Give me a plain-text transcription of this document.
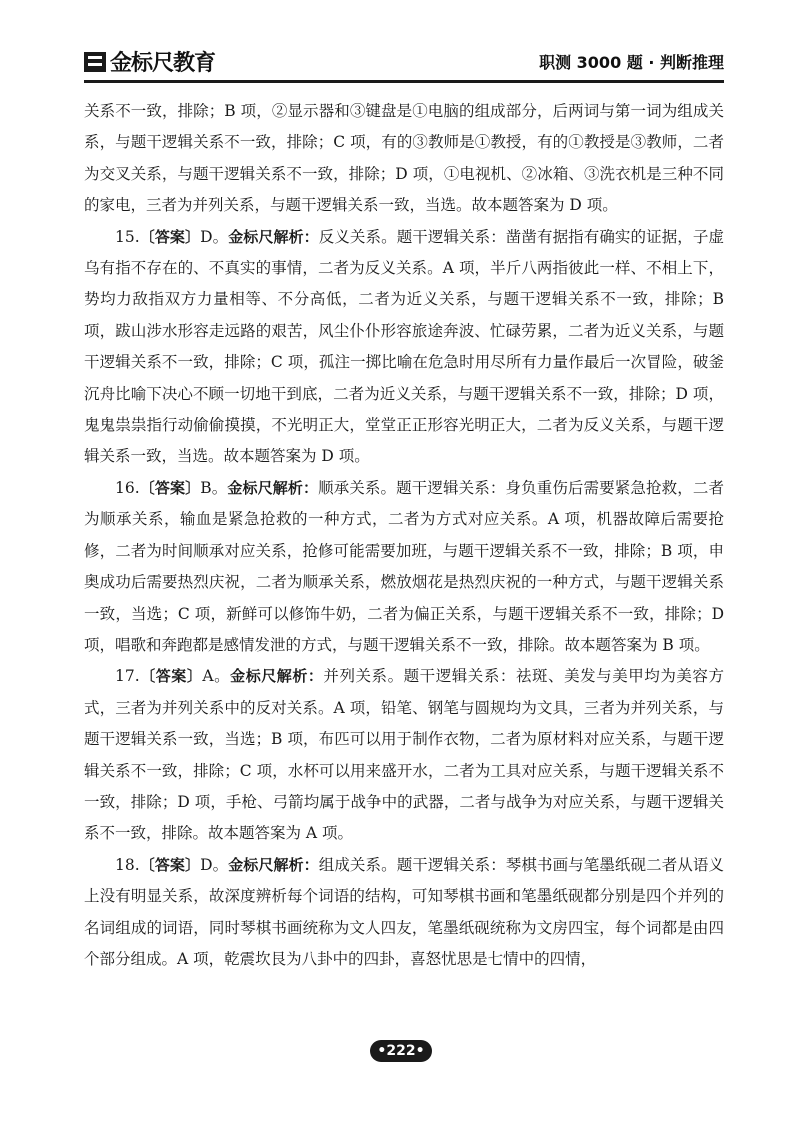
金标尺教育	职测 3000 题 · 判断推理

关系不一致，排除；B 项，②显示器和③键盘是①电脑的组成部分，后两词与第一词为组成关系，与题干逻辑关系不一致，排除；C 项，有的③教师是①教授，有的①教授是③教师，二者为交叉关系，与题干逻辑关系不一致，排除；D 项，①电视机、②冰箱、③洗衣机是三种不同的家电，三者为并列关系，与题干逻辑关系一致，当选。故本题答案为 D 项。

15.〔答案〕D。金标尺解析：反义关系。题干逻辑关系：凿凿有据指有确实的证据，子虚乌有指不存在的、不真实的事情，二者为反义关系。A 项，半斤八两指彼此一样、不相上下，势均力敌指双方力量相等、不分高低，二者为近义关系，与题干逻辑关系不一致，排除；B 项，跋山涉水形容走远路的艰苦，风尘仆仆形容旅途奔波、忙碌劳累，二者为近义关系，与题干逻辑关系不一致，排除；C 项，孤注一掷比喻在危急时用尽所有力量作最后一次冒险，破釜沉舟比喻下决心不顾一切地干到底，二者为近义关系，与题干逻辑关系不一致，排除；D 项，鬼鬼祟祟指行动偷偷摸摸，不光明正大，堂堂正正形容光明正大，二者为反义关系，与题干逻辑关系一致，当选。故本题答案为 D 项。

16.〔答案〕B。金标尺解析：顺承关系。题干逻辑关系：身负重伤后需要紧急抢救，二者为顺承关系，输血是紧急抢救的一种方式，二者为方式对应关系。A 项，机器故障后需要抢修，二者为时间顺承对应关系，抢修可能需要加班，与题干逻辑关系不一致，排除；B 项，申奥成功后需要热烈庆祝，二者为顺承关系，燃放烟花是热烈庆祝的一种方式，与题干逻辑关系一致，当选；C 项，新鲜可以修饰牛奶，二者为偏正关系，与题干逻辑关系不一致，排除；D 项，唱歌和奔跑都是感情发泄的方式，与题干逻辑关系不一致，排除。故本题答案为 B 项。

17.〔答案〕A。金标尺解析：并列关系。题干逻辑关系：祛斑、美发与美甲均为美容方式，三者为并列关系中的反对关系。A 项，铅笔、钢笔与圆规均为文具，三者为并列关系，与题干逻辑关系一致，当选；B 项，布匹可以用于制作衣物，二者为原材料对应关系，与题干逻辑关系不一致，排除；C 项，水杯可以用来盛开水，二者为工具对应关系，与题干逻辑关系不一致，排除；D 项，手枪、弓箭均属于战争中的武器，二者与战争为对应关系，与题干逻辑关系不一致，排除。故本题答案为 A 项。

18.〔答案〕D。金标尺解析：组成关系。题干逻辑关系：琴棋书画与笔墨纸砚二者从语义上没有明显关系，故深度辨析每个词语的结构，可知琴棋书画和笔墨纸砚都分别是四个并列的名词组成的词语，同时琴棋书画统称为文人四友，笔墨纸砚统称为文房四宝，每个词都是由四个部分组成。A 项，乾震坎艮为八卦中的四卦，喜怒忧思是七情中的四情，

•222•
